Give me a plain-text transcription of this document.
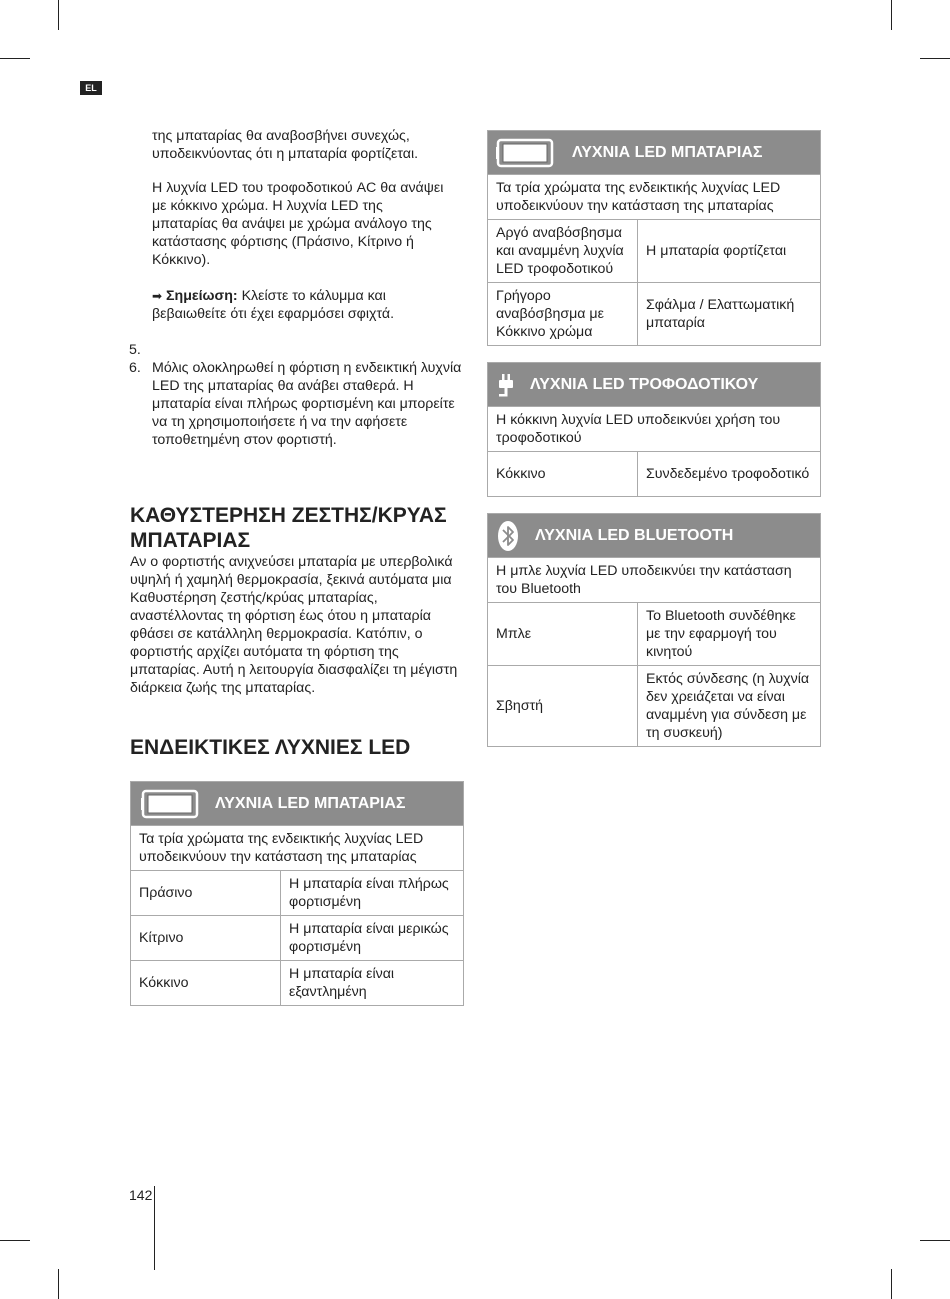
EL

της μπαταρίας θα αναβοσβήνει συνεχώς, υποδεικνύοντας ότι η μπαταρία φορτίζεται.

Η λυχνία LED του τροφοδοτικού AC θα ανάψει με κόκκινο χρώμα. Η λυχνία LED της μπαταρίας θα ανάψει με χρώμα ανάλογο της κατάστασης φόρτισης (Πράσινο, Κίτρινο ή Κόκκινο).

➡ Σημείωση: Κλείστε το κάλυμμα και βεβαιωθείτε ότι έχει εφαρμόσει σφιχτά.
5.
6. Μόλις ολοκληρωθεί η φόρτιση η ενδεικτική λυχνία LED της μπαταρίας θα ανάβει σταθερά. Η μπαταρία είναι πλήρως φορτισμένη και μπορείτε να τη χρησιμοποιήσετε ή να την αφήσετε τοποθετημένη στον φορτιστή.

ΚΑΘΥΣΤΕΡΗΣΗ ΖΕΣΤΗΣ/ΚΡΥΑΣ ΜΠΑΤΑΡΙΑΣ

Αν ο φορτιστής ανιχνεύσει μπαταρία με υπερβολικά υψηλή ή χαμηλή θερμοκρασία, ξεκινά αυτόματα μια Καθυστέρηση ζεστής/κρύας μπαταρίας, αναστέλλοντας τη φόρτιση έως ότου η μπαταρία φθάσει σε κατάλληλη θερμοκρασία. Κατόπιν, ο φορτιστής αρχίζει αυτόματα τη φόρτιση της μπαταρίας. Αυτή η λειτουργία διασφαλίζει τη μέγιστη διάρκεια ζωής της μπαταρίας.

ΕΝΔΕΙΚΤΙΚΕΣ ΛΥΧΝΙΕΣ LED
ΛΥΧΝΙΑ LED ΜΠΑΤΑΡΙΑΣ	

Τα τρία χρώματα της ενδεικτικής λυχνίας LED υποδεικνύουν την κατάσταση της μπαταρίας	
Πράσινο	Η μπαταρία είναι πλήρως φορτισμένη
Κίτρινο	Η μπαταρία είναι μερικώς φορτισμένη
Κόκκινο	Η μπαταρία είναι εξαντλημένη
ΛΥΧΝΙΑ LED ΜΠΑΤΑΡΙΑΣ	

Τα τρία χρώματα της ενδεικτικής λυχνίας LED υποδεικνύουν την κατάσταση της μπαταρίας	
Αργό αναβόσβησμα και αναμμένη λυχνία LED τροφοδοτικού	Η μπαταρία φορτίζεται
Γρήγορο αναβόσβησμα με Κόκκινο χρώμα	Σφάλμα / Ελαττωματική μπαταρία
ΛΥΧΝΙΑ LED ΤΡΟΦΟΔΟΤΙΚΟΥ

Η κόκκινη λυχνία LED υποδεικνύει χρήση του τροφοδοτικού
Κόκκινο	Συνδεδεμένο τροφοδοτικό
ΛΥΧΝΙΑ LED BLUETOOTH	

Η μπλε λυχνία LED υποδεικνύει την κατάσταση του Bluetooth	
Μπλε	Το Bluetooth συνδέθηκε με την εφαρμογή του κινητού
Σβηστή	Εκτός σύνδεσης (η λυχνία δεν χρειάζεται να είναι αναμμένη για σύνδεση με τη συσκευή)
142
